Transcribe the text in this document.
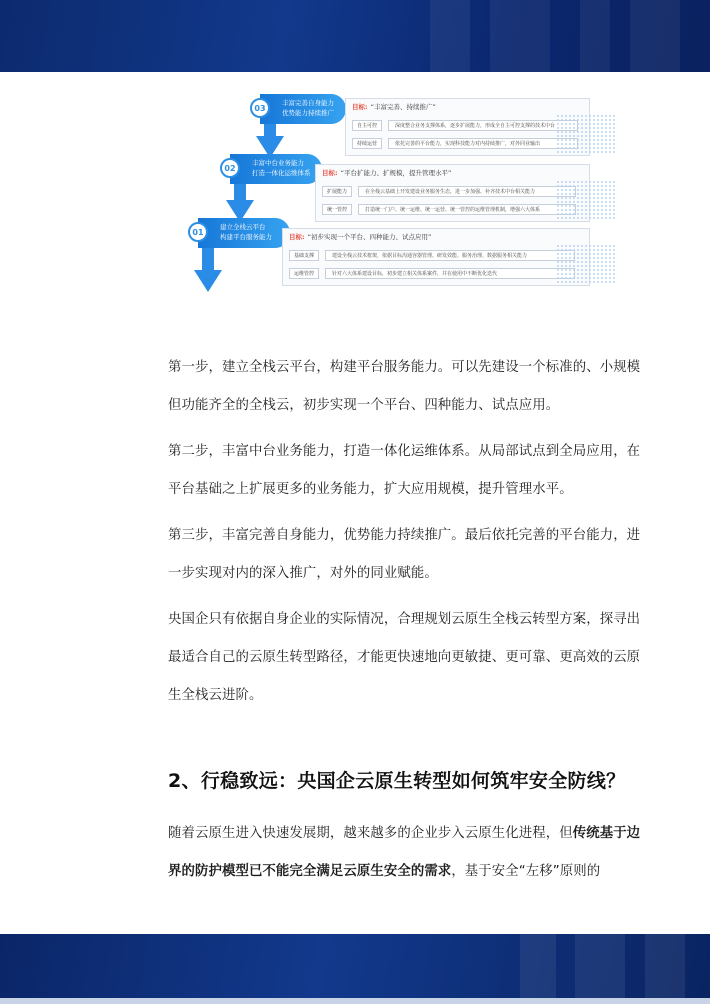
丰富完善自身能力
优势能力持续推广
03
丰富中台业务能力
打造一体化运维体系
02
建立全栈云平台
构建平台服务能力
01
目标: “丰富完善、持续推广”
自主可控	深度整合业务支撑体系，逐步扩展能力，形成全自主可控支撑的技术中台
持续运营	依托完善的平台能力，实现科技能力对内持续推广，对外同业输出
目标: “平台扩能力、扩规模，提升管理水平”
扩展能力	在全栈云基础上开发建设业务服务生态，进一步加强、补齐技术中台相关能力
统一管控	打造统一门户、统一运维、统一运营、统一管控的运维管理机制，增强六大体系
目标: “初步实现一个平台、四种能力、试点应用”
基础支撑	建设全栈云技术框架，依据目标沟通容器管理、研发效能、服务治理、数据服务相关能力
运维管控	针对六大体系建设目标，初步建立相关体系案件，并在使用中不断优化迭代
第一步，建立全栈云平台，构建平台服务能力。可以先建设一个标准的、小规模
但功能齐全的全栈云，初步实现一个平台、四种能力、试点应用。
第二步，丰富中台业务能力，打造一体化运维体系。从局部试点到全局应用，在
平台基础之上扩展更多的业务能力，扩大应用规模，提升管理水平。
第三步，丰富完善自身能力，优势能力持续推广。最后依托完善的平台能力，进
一步实现对内的深入推广，对外的同业赋能。
央国企只有依据自身企业的实际情况，合理规划云原生全栈云转型方案，探寻出
最适合自己的云原生转型路径，才能更快速地向更敏捷、更可靠、更高效的云原
生全栈云进阶。
2、行稳致远：央国企云原生转型如何筑牢安全防线？
随着云原生进入快速发展期，越来越多的企业步入云原生化进程，但传统基于边
界的防护模型已不能完全满足云原生安全的需求，基于安全“左移”原则的
